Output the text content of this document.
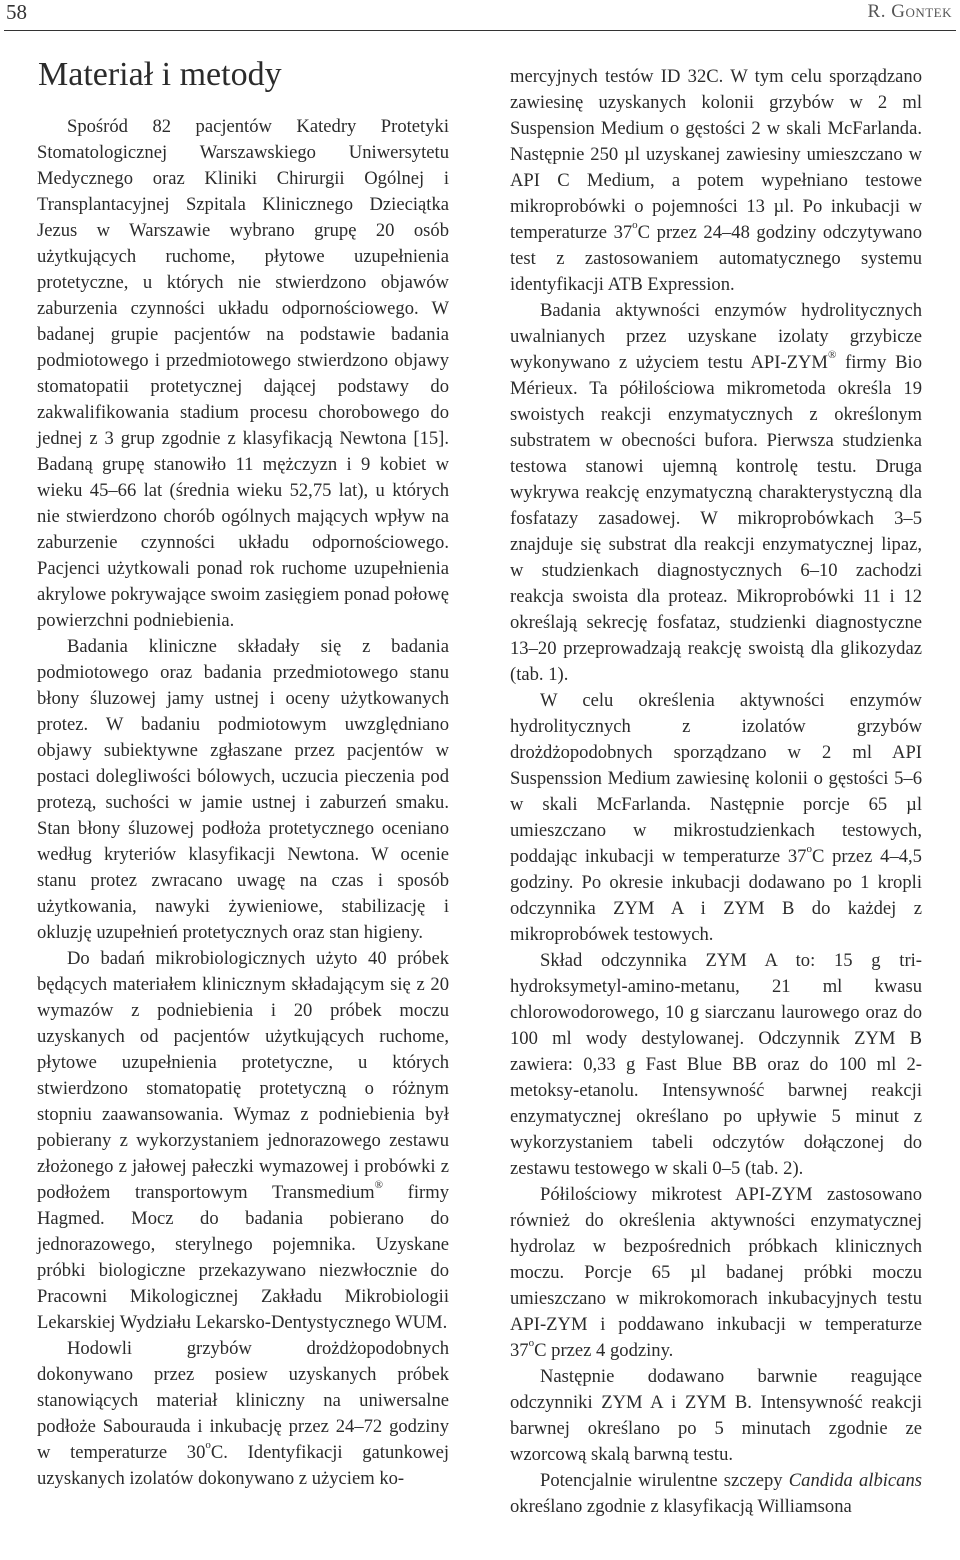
58	R. Gontek
Materiał i metody

Spośród 82 pacjentów Katedry Protetyki Stomatologicznej Warszawskiego Uniwersytetu Medycznego oraz Kliniki Chirurgii Ogólnej i Transplantacyjnej Szpitala Klinicznego Dzieciątka Jezus w Warszawie wybrano grupę 20 osób użytkujących ruchome, płytowe uzupełnienia protetyczne, u których nie stwierdzono objawów zaburzenia czynności układu odpornościowego. W badanej grupie pacjentów na podstawie badania podmiotowego i przedmiotowego stwierdzono objawy stomatopatii protetycznej dającej podstawy do zakwalifikowania stadium procesu chorobowego do jednej z 3 grup zgodnie z klasyfikacją Newtona [15]. Badaną grupę stanowiło 11 mężczyzn i 9 kobiet w wieku 45–66 lat (średnia wieku 52,75 lat), u których nie stwierdzono chorób ogólnych mających wpływ na zaburzenie czynności układu odpornościowego. Pacjenci użytkowali ponad rok ruchome uzupełnienia akrylowe pokrywające swoim zasięgiem ponad połowę powierzchni podniebienia.

Badania kliniczne składały się z badania podmiotowego oraz badania przedmiotowego stanu błony śluzowej jamy ustnej i oceny użytkowanych protez. W badaniu podmiotowym uwzględniano objawy subiektywne zgłaszane przez pacjentów w postaci dolegliwości bólowych, uczucia pieczenia pod protezą, suchości w jamie ustnej i zaburzeń smaku. Stan błony śluzowej podłoża protetycznego oceniano według kryteriów klasyfikacji Newtona. W ocenie stanu protez zwracano uwagę na czas i sposób użytkowania, nawyki żywieniowe, stabilizację i okluzję uzupełnień protetycznych oraz stan higieny.

Do badań mikrobiologicznych użyto 40 próbek będących materiałem klinicznym składającym się z 20 wymazów z podniebienia i 20 próbek moczu uzyskanych od pacjentów użytkujących ruchome, płytowe uzupełnienia protetyczne, u których stwierdzono stomatopatię protetyczną o różnym stopniu zaawansowania. Wymaz z podniebienia był pobierany z wykorzystaniem jednorazowego zestawu złożonego z jałowej pałeczki wymazowej i probówki z podłożem transportowym Transmedium® firmy Hagmed. Mocz do badania pobierano do jednorazowego, sterylnego pojemnika. Uzyskane próbki biologiczne przekazywano niezwłocznie do Pracowni Mikologicznej Zakładu Mikrobiologii Lekarskiej Wydziału Lekarsko-Dentystycznego WUM.

Hodowli grzybów drożdżopodobnych dokonywano przez posiew uzyskanych próbek stanowiących materiał kliniczny na uniwersalne podłoże Sabourauda i inkubację przez 24–72 godziny w temperaturze 30$^o$C. Identyfikacji gatunkowej uzyskanych izolatów dokonywano z użyciem ko-

mercyjnych testów ID 32C. W tym celu sporządzano zawiesinę uzyskanych kolonii grzybów w 2 ml Suspension Medium o gęstości 2 w skali McFarlanda. Następnie 250 µl uzyskanej zawiesiny umieszczano w API C Medium, a potem wypełniano testowe mikroprobówki o pojemności 13 µl. Po inkubacji w temperaturze 37$^o$C przez 24–48 godziny odczytywano test z zastosowaniem automatycznego systemu identyfikacji ATB Expression.

Badania aktywności enzymów hydrolitycznych uwalnianych przez uzyskane izolaty grzybicze wykonywano z użyciem testu API-ZYM® firmy Bio Mérieux. Ta półilościowa mikrometoda określa 19 swoistych reakcji enzymatycznych z określonym substratem w obecności bufora. Pierwsza studzienka testowa stanowi ujemną kontrolę testu. Druga wykrywa reakcję enzymatyczną charakterystyczną dla fosfatazy zasadowej. W mikroprobówkach 3–5 znajduje się substrat dla reakcji enzymatycznej lipaz, w studzienkach diagnostycznych 6–10 zachodzi reakcja swoista dla proteaz. Mikroprobówki 11 i 12 określają sekrecję fosfataz, studzienki diagnostyczne 13–20 przeprowadzają reakcję swoistą dla glikozydaz (tab. 1).

W celu określenia aktywności enzymów hydrolitycznych z izolatów grzybów drożdżopodobnych sporządzano w 2 ml API Suspenssion Medium zawiesinę kolonii o gęstości 5–6 w skali McFarlanda. Następnie porcje 65 µl umieszczano w mikrostudzienkach testowych, poddając inkubacji w temperaturze 37$^o$C przez 4–4,5 godziny. Po okresie inkubacji dodawano po 1 kropli odczynnika ZYM A i ZYM B do każdej z mikroprobówek testowych.

Skład odczynnika ZYM A to: 15 g tri-hydroksymetyl-amino-metanu, 21 ml kwasu chlorowodorowego, 10 g siarczanu laurowego oraz do 100 ml wody destylowanej. Odczynnik ZYM B zawiera: 0,33 g Fast Blue BB oraz do 100 ml 2-metoksy-etanolu. Intensywność barwnej reakcji enzymatycznej określano po upływie 5 minut z wykorzystaniem tabeli odczytów dołączonej do zestawu testowego w skali 0–5 (tab. 2).

Półilościowy mikrotest API-ZYM zastosowano również do określenia aktywności enzymatycznej hydrolaz w bezpośrednich próbkach klinicznych moczu. Porcje 65 µl badanej próbki moczu umieszczano w mikrokomorach inkubacyjnych testu API-ZYM i poddawano inkubacji w temperaturze 37$^o$C przez 4 godziny.

Następnie dodawano barwnie reagujące odczynniki ZYM A i ZYM B. Intensywność reakcji barwnej określano po 5 minutach zgodnie ze wzorcową skalą barwną testu.

Potencjalnie wirulentne szczepy Candida albicans określano zgodnie z klasyfikacją Williamsona
